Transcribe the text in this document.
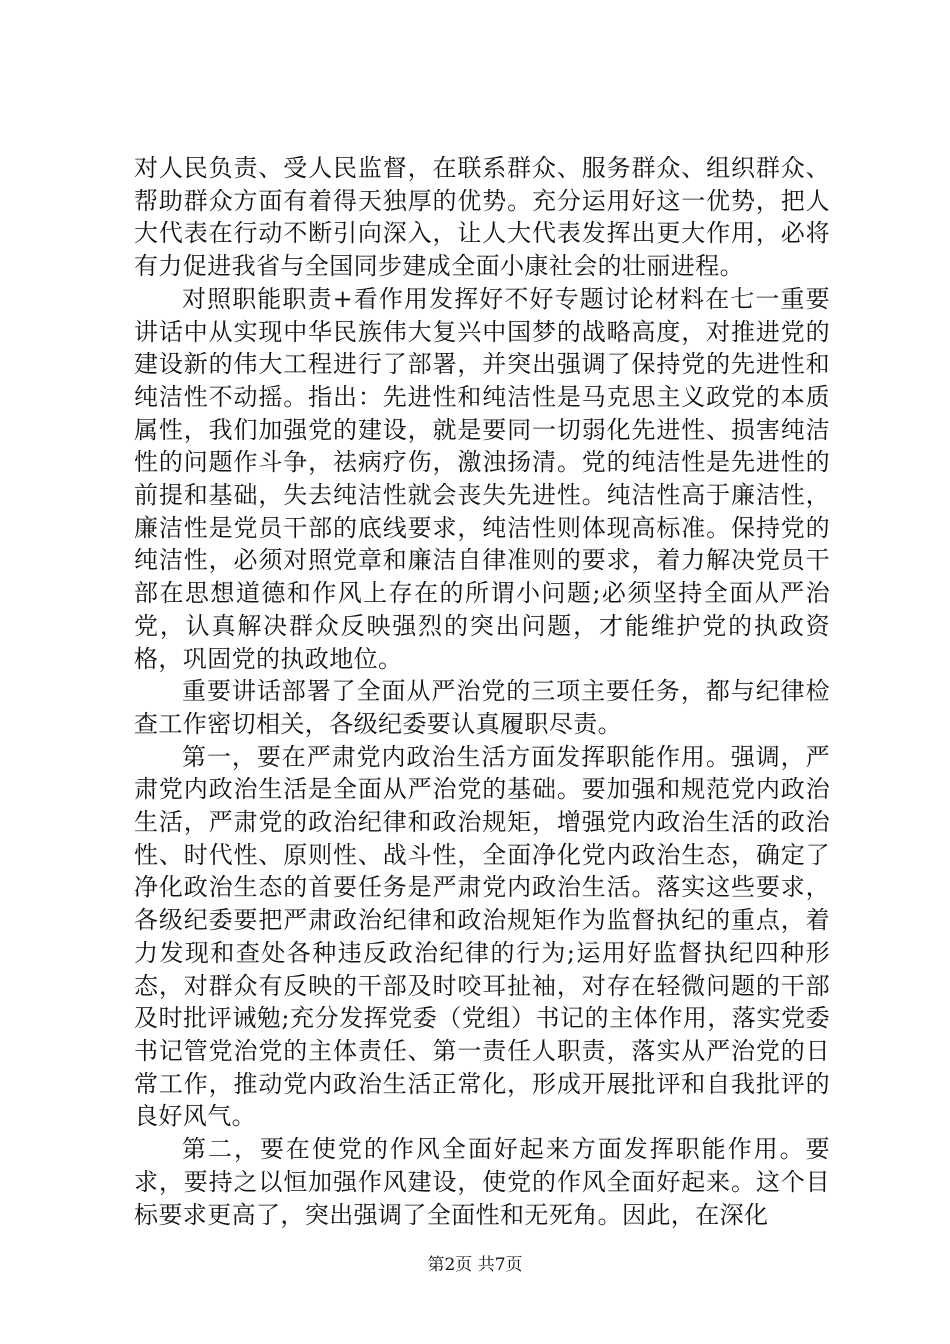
对人民负责、受人民监督，在联系群众、服务群众、组织群众、帮助群众方面有着得天独厚的优势。充分运用好这一优势，把人大代表在行动不断引向深入，让人大代表发挥出更大作用，必将有力促进我省与全国同步建成全面小康社会的壮丽进程。

对照职能职责+看作用发挥好不好专题讨论材料在七一重要讲话中从实现中华民族伟大复兴中国梦的战略高度，对推进党的建设新的伟大工程进行了部署，并突出强调了保持党的先进性和纯洁性不动摇。指出：先进性和纯洁性是马克思主义政党的本质属性，我们加强党的建设，就是要同一切弱化先进性、损害纯洁性的问题作斗争，祛病疗伤，激浊扬清。党的纯洁性是先进性的前提和基础，失去纯洁性就会丧失先进性。纯洁性高于廉洁性，廉洁性是党员干部的底线要求，纯洁性则体现高标准。保持党的纯洁性，必须对照党章和廉洁自律准则的要求，着力解决党员干部在思想道德和作风上存在的所谓小问题;必须坚持全面从严治党，认真解决群众反映强烈的突出问题，才能维护党的执政资格，巩固党的执政地位。

重要讲话部署了全面从严治党的三项主要任务，都与纪律检查工作密切相关，各级纪委要认真履职尽责。

第一，要在严肃党内政治生活方面发挥职能作用。强调，严肃党内政治生活是全面从严治党的基础。要加强和规范党内政治生活，严肃党的政治纪律和政治规矩，增强党内政治生活的政治性、时代性、原则性、战斗性，全面净化党内政治生态，确定了净化政治生态的首要任务是严肃党内政治生活。落实这些要求，各级纪委要把严肃政治纪律和政治规矩作为监督执纪的重点，着力发现和查处各种违反政治纪律的行为;运用好监督执纪四种形态，对群众有反映的干部及时咬耳扯袖，对存在轻微问题的干部及时批评诫勉;充分发挥党委（党组）书记的主体作用，落实党委书记管党治党的主体责任、第一责任人职责，落实从严治党的日常工作，推动党内政治生活正常化，形成开展批评和自我批评的良好风气。

第二，要在使党的作风全面好起来方面发挥职能作用。要求，要持之以恒加强作风建设，使党的作风全面好起来。这个目标要求更高了，突出强调了全面性和无死角。因此，在深化

第2页 共7页
